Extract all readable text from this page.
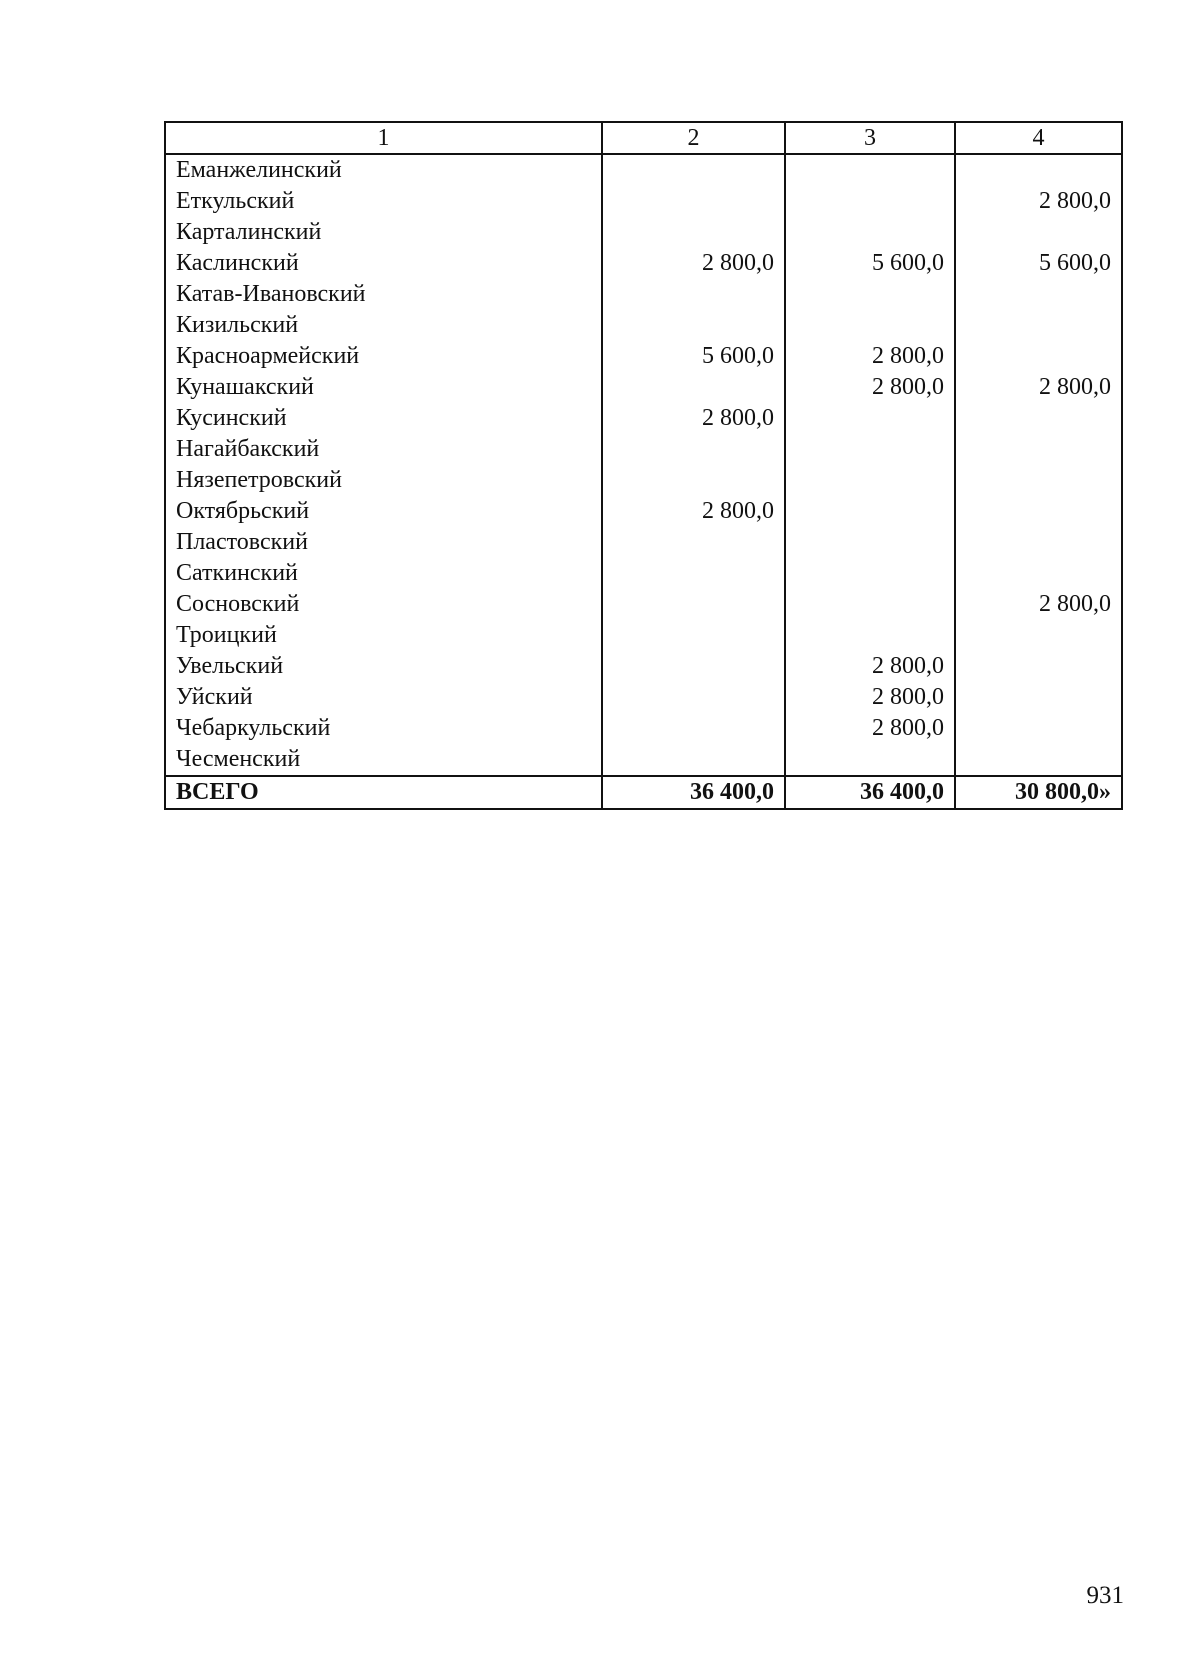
1	2	3	4
Еманжелинский			
Еткульский			2 800,0
Карталинский			
Каслинский	2 800,0	5 600,0	5 600,0
Катав-Ивановский			
Кизильский			
Красноармейский	5 600,0	2 800,0	
Кунашакский		2 800,0	2 800,0
Кусинский	2 800,0		
Нагайбакский			
Нязепетровский			
Октябрьский	2 800,0		
Пластовский			
Саткинский			
Сосновский			2 800,0
Троицкий			
Увельский		2 800,0	
Уйский		2 800,0	
Чебаркульский		2 800,0	
Чесменский			
ВСЕГО	36 400,0	36 400,0	30 800,0»
931
